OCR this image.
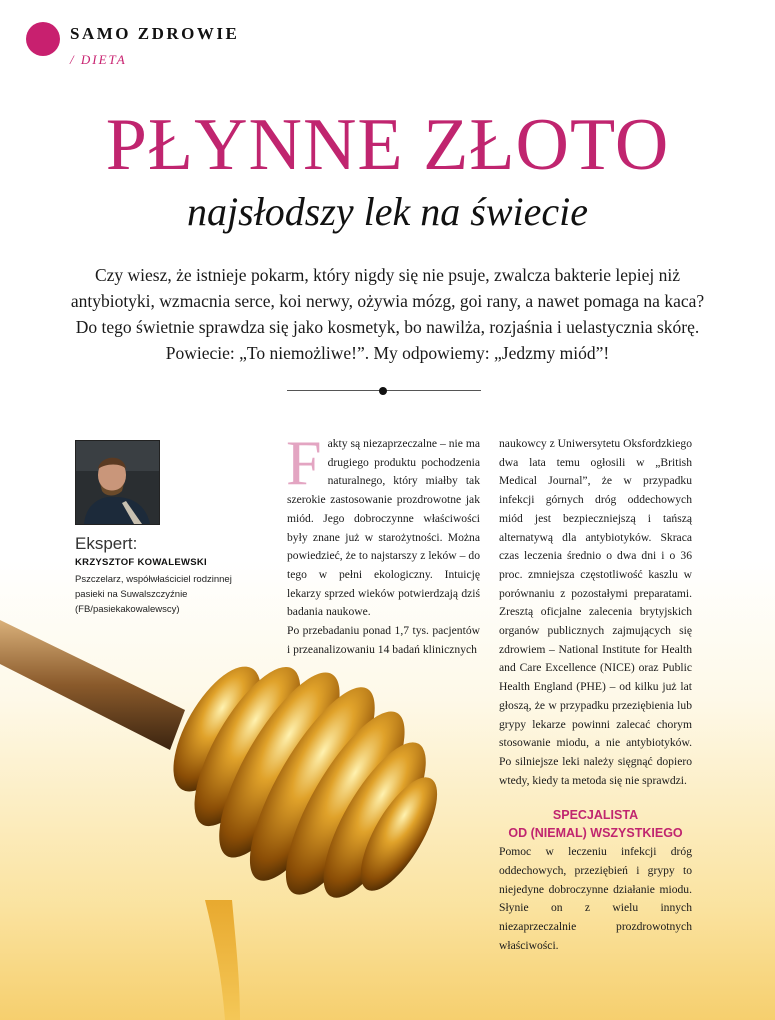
SAMO ZDROWIE
/ DIETA
PŁYNNE ZŁOTO
najsłodszy lek na świecie
Czy wiesz, że istnieje pokarm, który nigdy się nie psuje, zwalcza bakterie lepiej niż antybiotyki, wzmacnia serce, koi nerwy, ożywia mózg, goi rany, a nawet pomaga na kaca? Do tego świetnie sprawdza się jako kosmetyk, bo nawilża, rozjaśnia i uelastycznia skórę. Powiecie: „To niemożliwe!”. My odpowiemy: „Jedzmy miód”!
Ekspert:
KRZYSZTOF KOWALEWSKI
Pszczelarz, współwłaściciel rodzinnej pasieki na Suwalszczyźnie (FB/pasiekakowalewscy)

Fakty są niezaprzeczalne – nie ma drugiego produktu pochodzenia naturalnego, który miałby tak szerokie zastosowanie prozdrowotne jak miód. Jego dobroczynne właściwości były znane już w starożytności. Można powiedzieć, że to najstarszy z leków – do tego w pełni ekologiczny. Intuicję lekarzy sprzed wieków potwierdzają dziś badania naukowe.

Po przebadaniu ponad 1,7 tys. pacjentów i przeanalizowaniu 14 badań klinicznych

naukowcy z Uniwersytetu Oksfordzkiego dwa lata temu ogłosili w „British Medical Journal”, że w przypadku infekcji górnych dróg oddechowych miód jest bezpieczniejszą i tańszą alternatywą dla antybiotyków. Skraca czas leczenia średnio o dwa dni i o 36 proc. zmniejsza częstotliwość kaszlu w porównaniu z pozostałymi preparatami. Zresztą oficjalne zalecenia brytyjskich organów publicznych zajmujących się zdrowiem – National Institute for Health and Care Excellence (NICE) oraz Public Health England (PHE) – od kilku już lat głoszą, że w przypadku przeziębienia lub grypy lekarze powinni zalecać chorym stosowanie miodu, a nie antybiotyków. Po silniejsze leki należy sięgnąć dopiero wtedy, kiedy ta metoda się nie sprawdzi.

SPECJALISTA
OD (NIEMAL) WSZYSTKIEGO

Pomoc w leczeniu infekcji dróg oddechowych, przeziębień i grypy to niejedyne dobroczynne działanie miodu. Słynie on z wielu innych niezaprzeczalnie prozdrowotnych właściwości.
